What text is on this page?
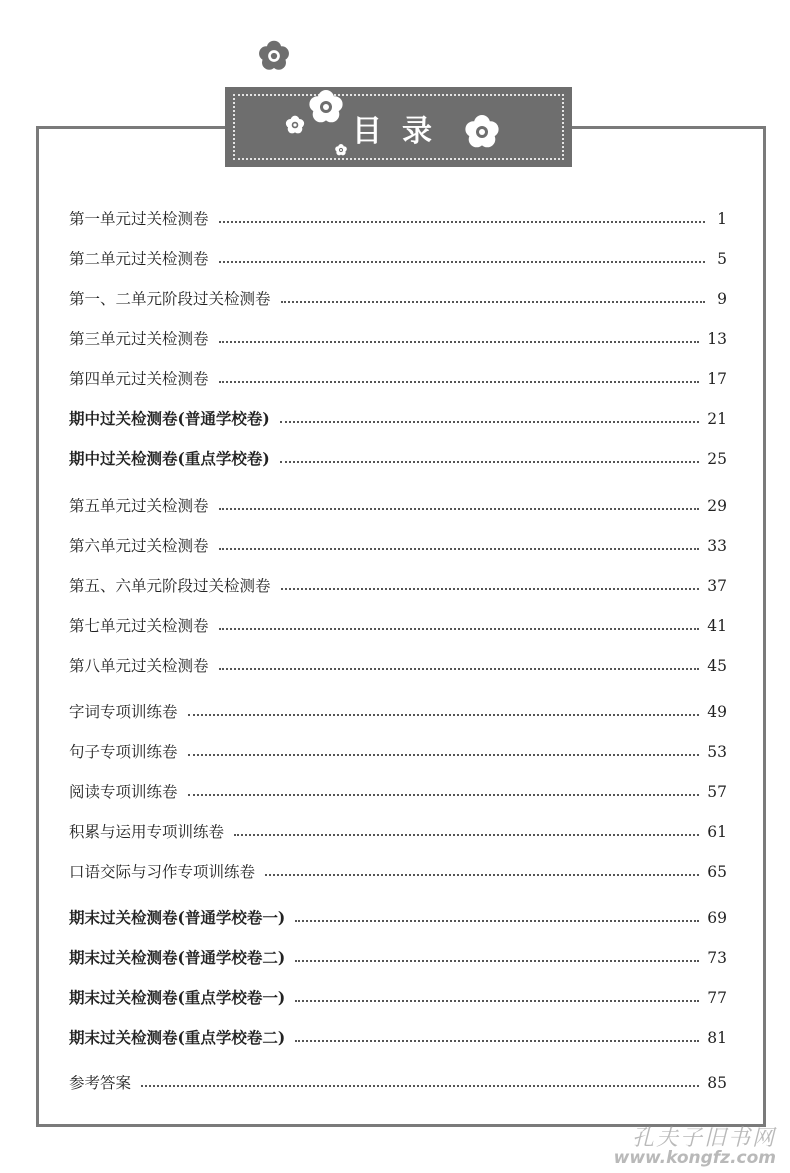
目录
第一单元过关检测卷	1
第二单元过关检测卷	5
第一、二单元阶段过关检测卷	9
第三单元过关检测卷	13
第四单元过关检测卷	17
期中过关检测卷(普通学校卷)	21
期中过关检测卷(重点学校卷)	25
第五单元过关检测卷	29
第六单元过关检测卷	33
第五、六单元阶段过关检测卷	37
第七单元过关检测卷	41
第八单元过关检测卷	45
字词专项训练卷	49
句子专项训练卷	53
阅读专项训练卷	57
积累与运用专项训练卷	61
口语交际与习作专项训练卷	65
期末过关检测卷(普通学校卷一)	69
期末过关检测卷(普通学校卷二)	73
期末过关检测卷(重点学校卷一)	77
期末过关检测卷(重点学校卷二)	81
参考答案	85
孔夫子旧书网
www.kongfz.com
